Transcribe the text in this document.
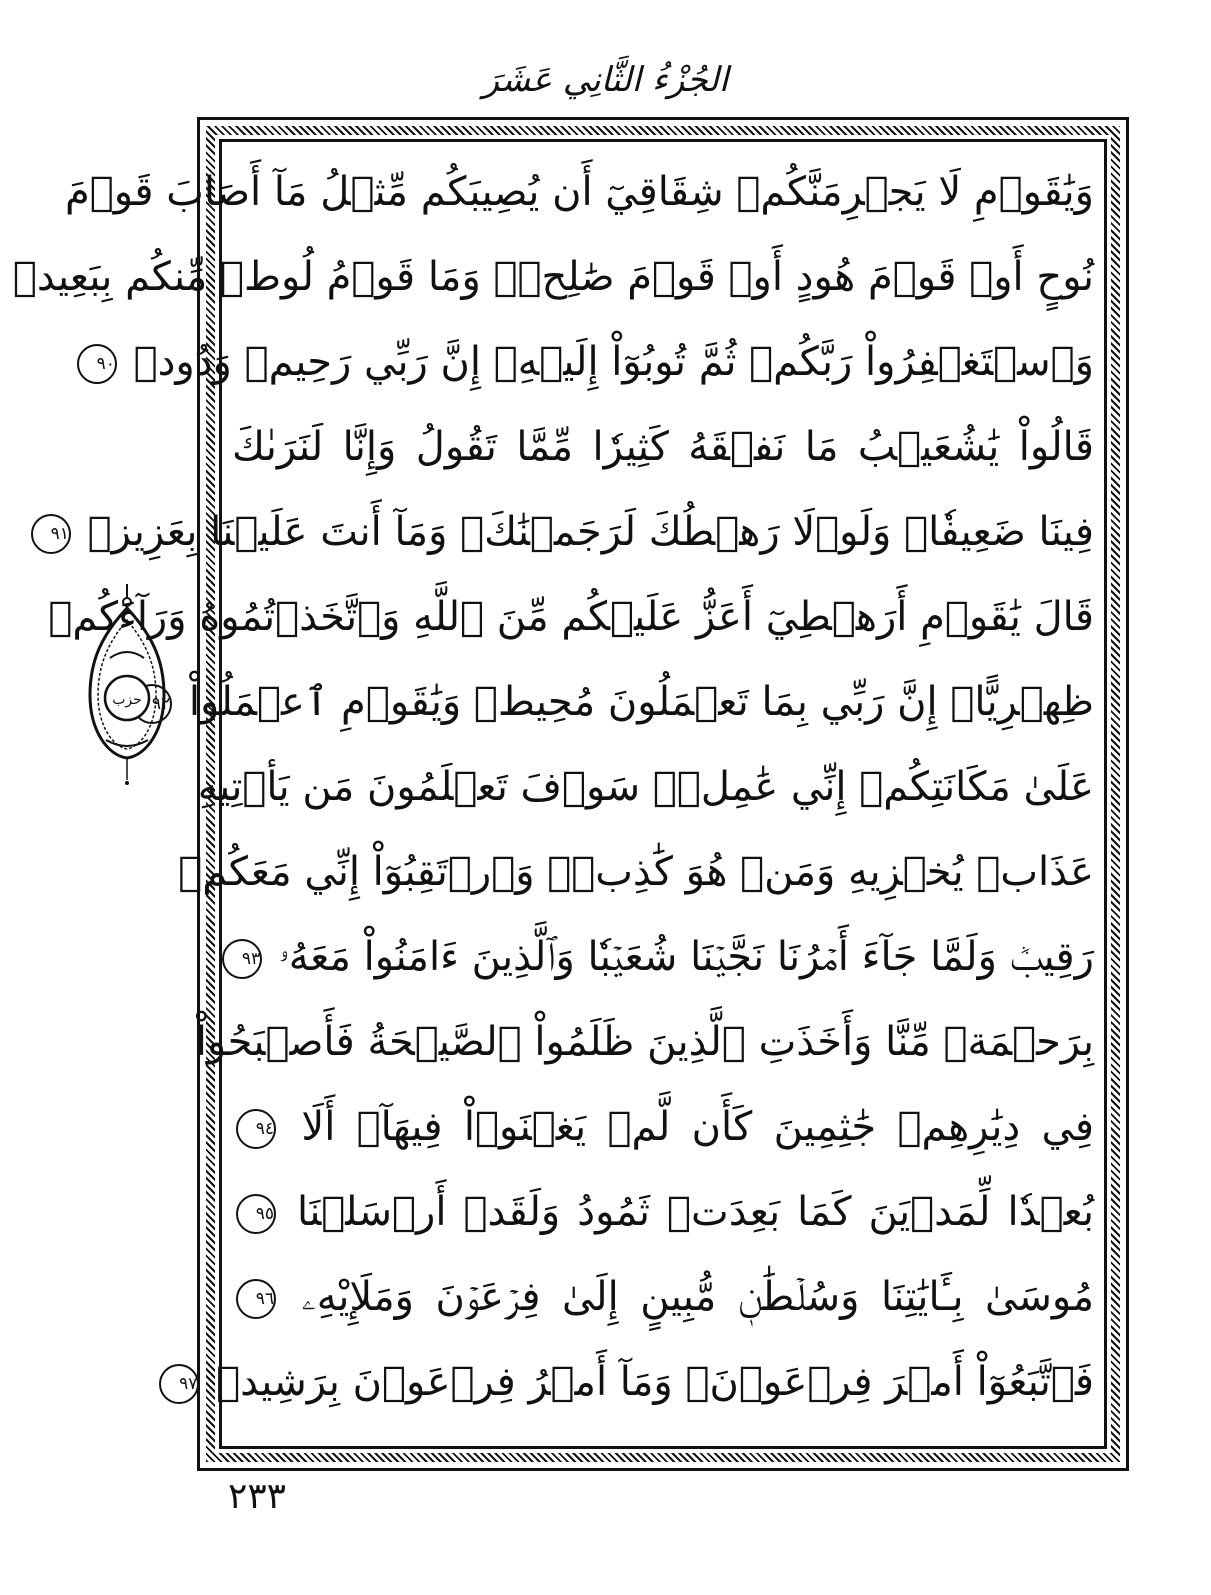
الجُزْءُ الثَّانِي عَشَرَ
وَيَٰقَوۡمِ لَا يَجۡرِمَنَّكُمۡ شِقَاقِيٓ أَن يُصِيبَكُم مِّثۡلُ مَآ أَصَابَ قَوۡمَ
نُوحٍ أَوۡ قَوۡمَ هُودٍ أَوۡ قَوۡمَ صَٰلِحٖۚ وَمَا قَوۡمُ لُوطٖ مِّنكُم بِبَعِيدٖ
وَٱسۡتَغۡفِرُواْ رَبَّكُمۡ ثُمَّ تُوبُوٓاْ إِلَيۡهِۚ إِنَّ رَبِّي رَحِيمٞ وَدُودٞ ٩٠
قَالُواْ يَٰشُعَيۡبُ مَا نَفۡقَهُ كَثِيرٗا مِّمَّا تَقُولُ وَإِنَّا لَنَرَىٰكَ
فِينَا ضَعِيفٗاۖ وَلَوۡلَا رَهۡطُكَ لَرَجَمۡنَٰكَۖ وَمَآ أَنتَ عَلَيۡنَا بِعَزِيزٖ ٩١
قَالَ يَٰقَوۡمِ أَرَهۡطِيٓ أَعَزُّ عَلَيۡكُم مِّنَ ٱللَّهِ وَٱتَّخَذۡتُمُوهُ وَرَآءَكُمۡ
ظِهۡرِيًّاۖ إِنَّ رَبِّي بِمَا تَعۡمَلُونَ مُحِيطٞ وَيَٰقَوۡمِ ٱعۡمَلُواْ ٩٢
عَلَىٰ مَكَانَتِكُمۡ إِنِّي عَٰمِلٞۖ سَوۡفَ تَعۡلَمُونَ مَن يَأۡتِيهِ
عَذَابٞ يُخۡزِيهِ وَمَنۡ هُوَ كَٰذِبٞۖ وَٱرۡتَقِبُوٓاْ إِنِّي مَعَكُمۡ
رَقِيبٞ وَلَمَّا جَآءَ أَمۡرُنَا نَجَّيۡنَا شُعَيۡبٗا وَٱلَّذِينَ ءَامَنُواْ مَعَهُۥ ٩٣
بِرَحۡمَةٖ مِّنَّا وَأَخَذَتِ ٱلَّذِينَ ظَلَمُواْ ٱلصَّيۡحَةُ فَأَصۡبَحُواْ
فِي دِيَٰرِهِمۡ جَٰثِمِينَ كَأَن لَّمۡ يَغۡنَوۡاْ فِيهَآۗ أَلَا ٩٤
بُعۡدٗا لِّمَدۡيَنَ كَمَا بَعِدَتۡ ثَمُودُ وَلَقَدۡ أَرۡسَلۡنَا ٩٥
مُوسَىٰ بِـَٔايَٰتِنَا وَسُلۡطَٰنٖ مُّبِينٍ إِلَىٰ فِرۡعَوۡنَ وَمَلَإِيْهِۦ ٩٦
فَٱتَّبَعُوٓاْ أَمۡرَ فِرۡعَوۡنَۖ وَمَآ أَمۡرُ فِرۡعَوۡنَ بِرَشِيدٖ ٩٧
حزب
٢٣٣
